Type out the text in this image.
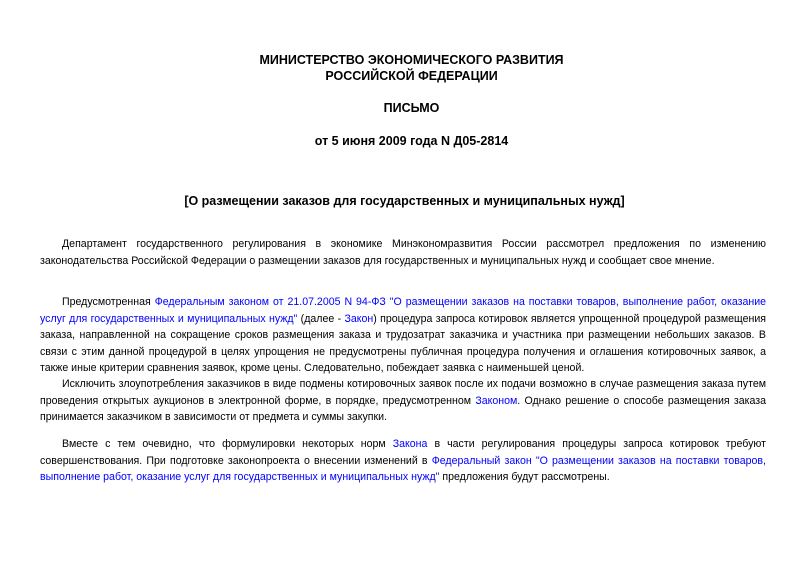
МИНИСТЕРСТВО ЭКОНОМИЧЕСКОГО РАЗВИТИЯ
РОССИЙСКОЙ ФЕДЕРАЦИИ
ПИСЬМО
от 5 июня 2009 года N Д05-2814
[О размещении заказов для государственных и муниципальных нужд]

Департамент государственного регулирования в экономике Минэкономразвития России рассмотрел предложения по изменению законодательства Российской Федерации о размещении заказов для государственных и муниципальных нужд и сообщает свое мнение.

Предусмотренная Федеральным законом от 21.07.2005 N 94-ФЗ "О размещении заказов на поставки товаров, выполнение работ, оказание услуг для государственных и муниципальных нужд" (далее - Закон) процедура запроса котировок является упрощенной процедурой размещения заказа, направленной на сокращение сроков размещения заказа и трудозатрат заказчика и участника при размещении небольших заказов. В связи с этим данной процедурой в целях упрощения не предусмотрены публичная процедура получения и оглашения котировочных заявок, а также иные критерии сравнения заявок, кроме цены. Следовательно, побеждает заявка с наименьшей ценой.

Исключить злоупотребления заказчиков в виде подмены котировочных заявок после их подачи возможно в случае размещения заказа путем проведения открытых аукционов в электронной форме, в порядке, предусмотренном Законом. Однако решение о способе размещения заказа принимается заказчиком в зависимости от предмета и суммы закупки.

Вместе с тем очевидно, что формулировки некоторых норм Закона в части регулирования процедуры запроса котировок требуют совершенствования. При подготовке законопроекта о внесении изменений в Федеральный закон "О размещении заказов на поставки товаров, выполнение работ, оказание услуг для государственных и муниципальных нужд" предложения будут рассмотрены.
